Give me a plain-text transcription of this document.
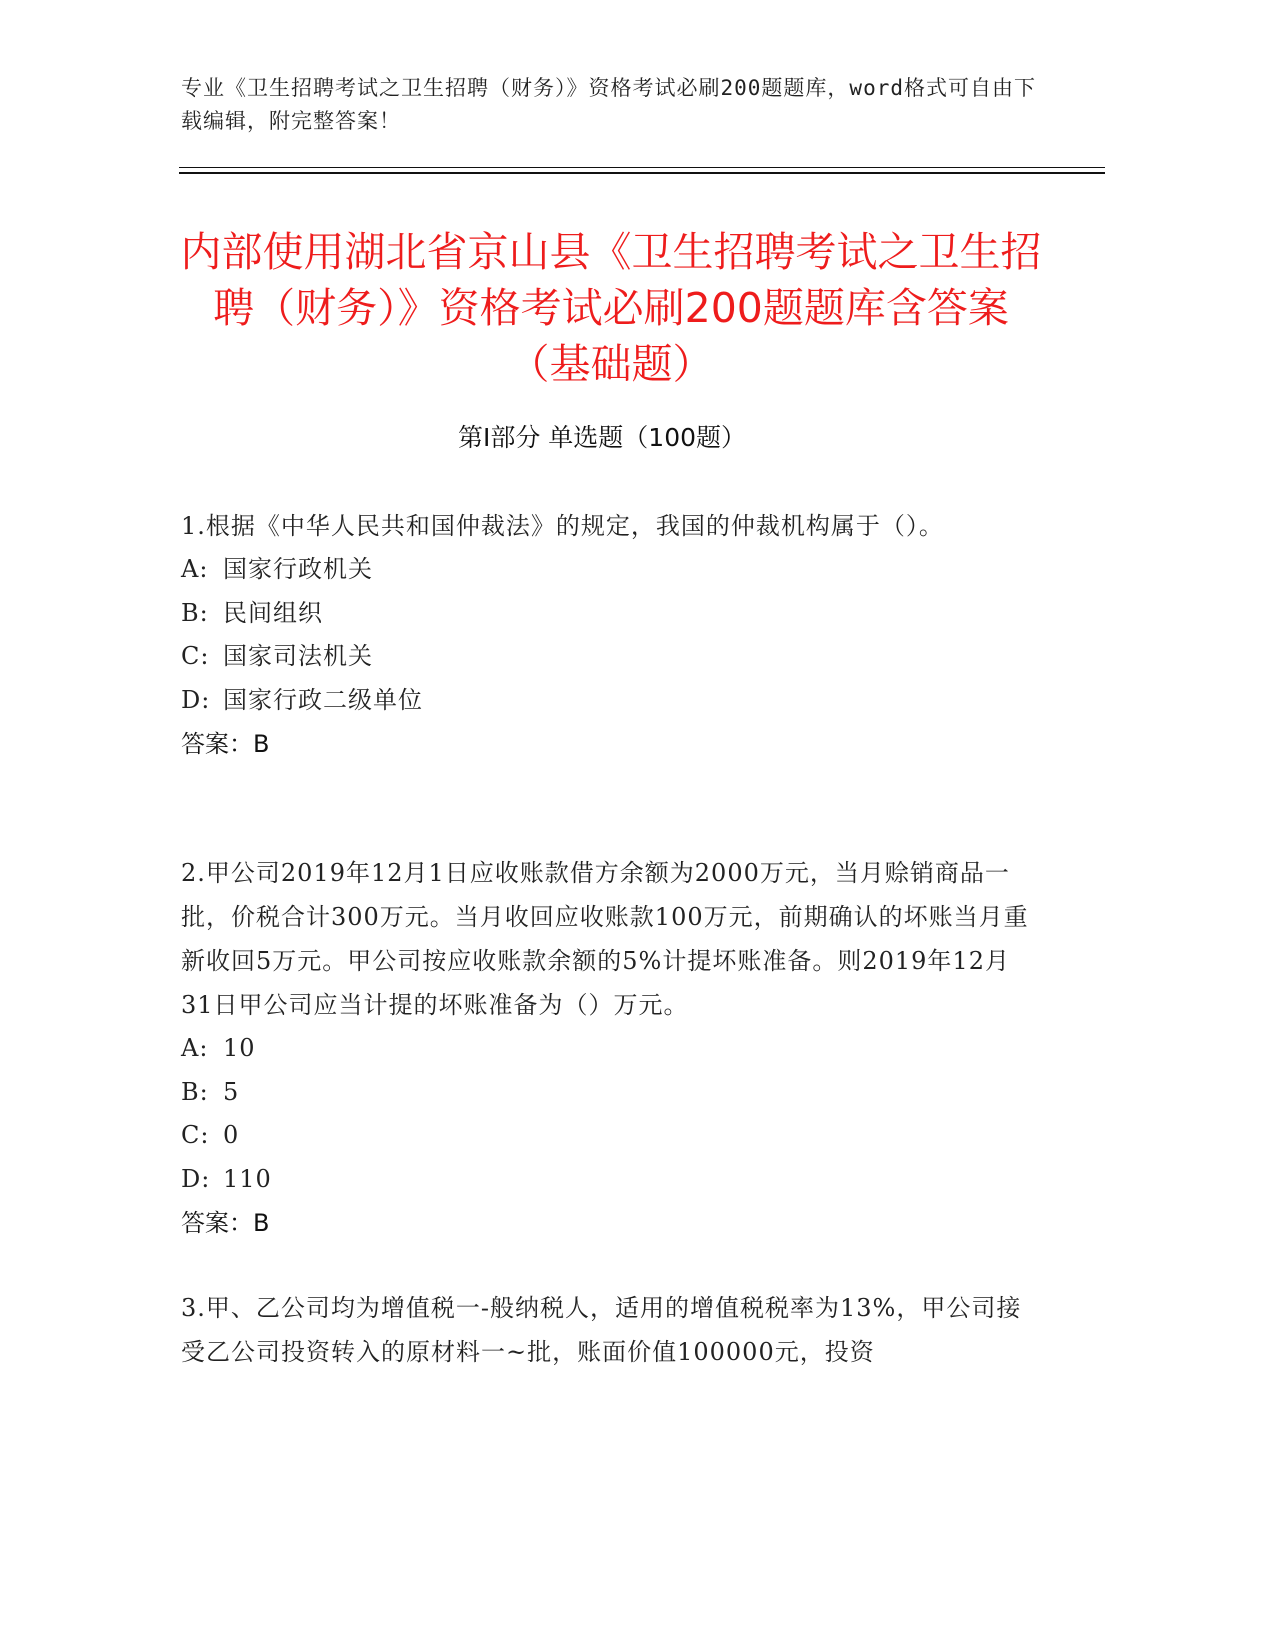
专业《卫生招聘考试之卫生招聘（财务）》资格考试必刷200题题库，word格式可自由下载编辑，附完整答案！
内部使用湖北省京山县《卫生招聘考试之卫生招聘（财务）》资格考试必刷200题题库含答案（基础题）
第Ⅰ部分 单选题（100题）
1.根据《中华人民共和国仲裁法》的规定，我国的仲裁机构属于（）。
A: 国家行政机关
B: 民间组织
C: 国家司法机关
D: 国家行政二级单位
答案：B
2.甲公司2019年12月1日应收账款借方余额为2000万元，当月赊销商品一批，价税合计300万元。当月收回应收账款100万元，前期确认的坏账当月重新收回5万元。甲公司按应收账款余额的5%计提坏账准备。则2019年12月31日甲公司应当计提的坏账准备为（）万元。
A: 10
B: 5
C: 0
D: 110
答案：B
3.甲、乙公司均为增值税一-般纳税人，适用的增值税税率为13%，甲公司接受乙公司投资转入的原材料一~批，账面价值100000元，投资
